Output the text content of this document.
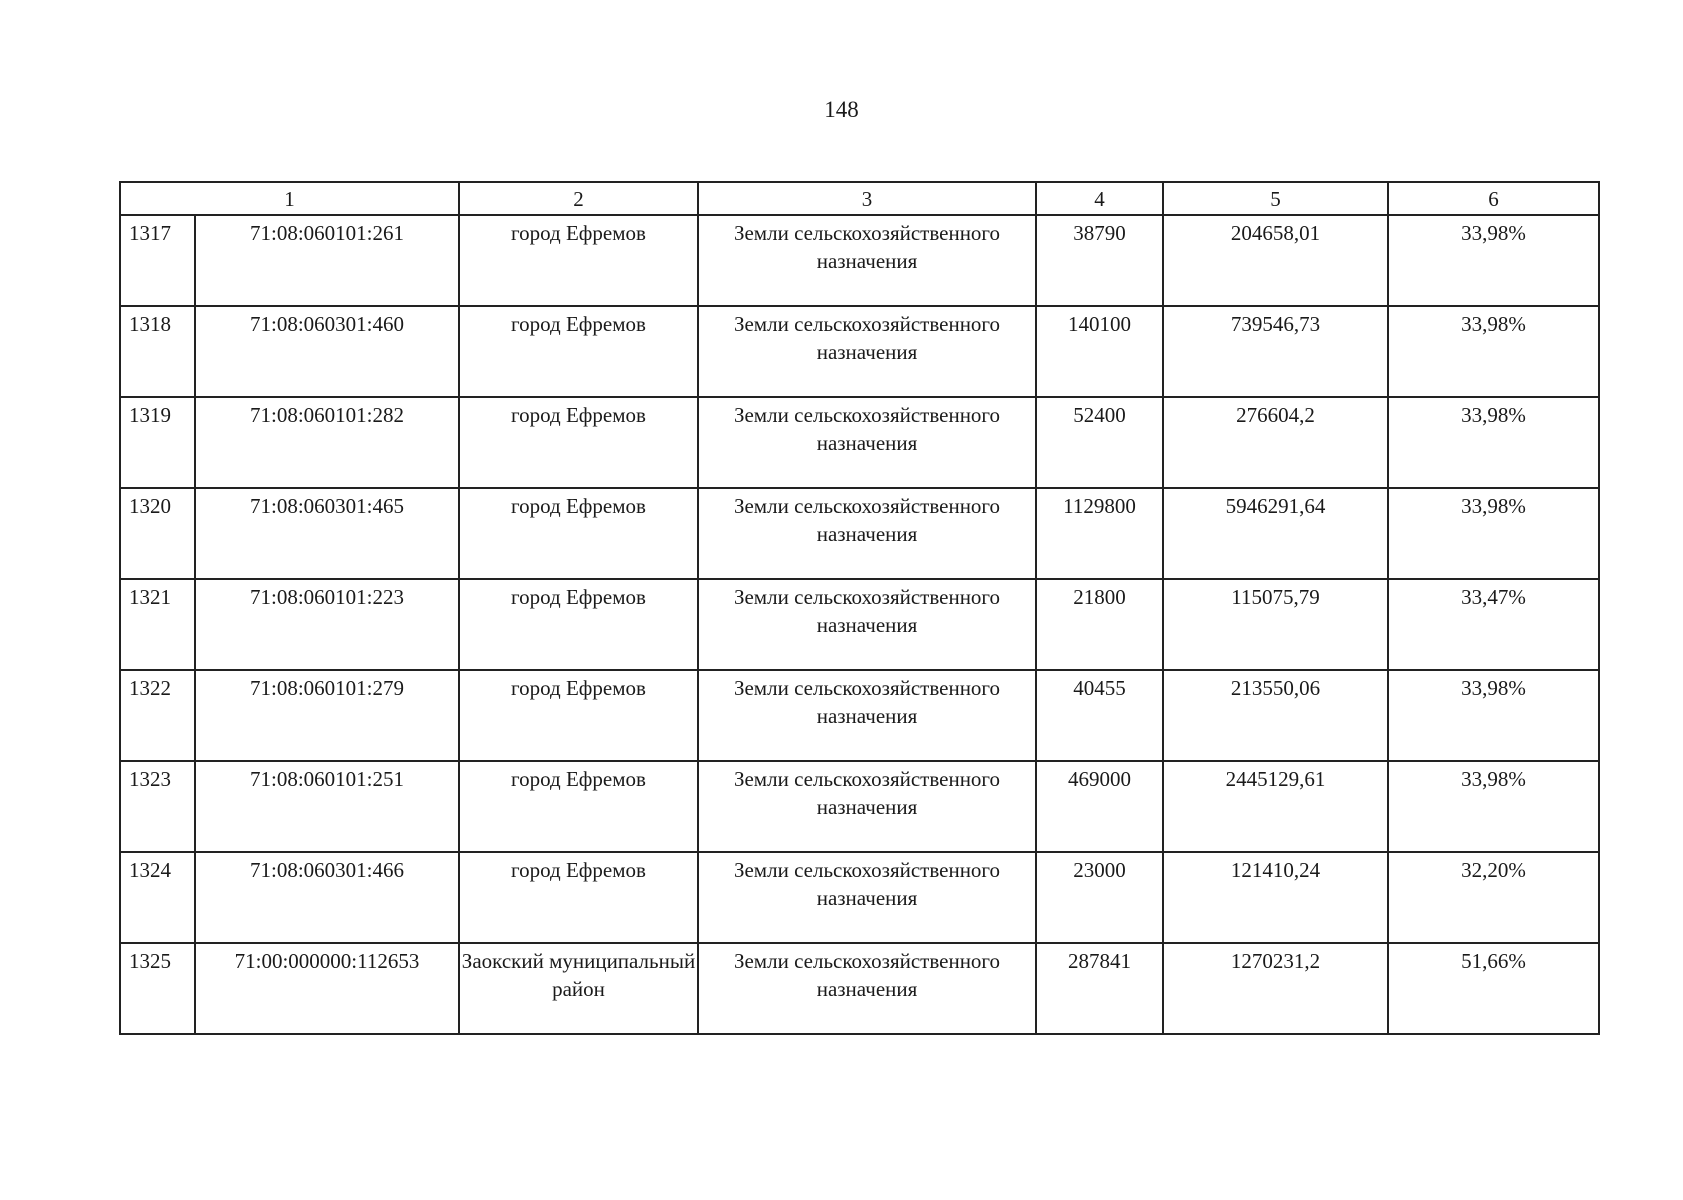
148
1		2	3	4	5	6
1317	71:08:060101:261	город Ефремов	Земли сельскохозяйственного назначения	38790	204658,01	33,98%
1318	71:08:060301:460	город Ефремов	Земли сельскохозяйственного назначения	140100	739546,73	33,98%
1319	71:08:060101:282	город Ефремов	Земли сельскохозяйственного назначения	52400	276604,2	33,98%
1320	71:08:060301:465	город Ефремов	Земли сельскохозяйственного назначения	1129800	5946291,64	33,98%
1321	71:08:060101:223	город Ефремов	Земли сельскохозяйственного назначения	21800	115075,79	33,47%
1322	71:08:060101:279	город Ефремов	Земли сельскохозяйственного назначения	40455	213550,06	33,98%
1323	71:08:060101:251	город Ефремов	Земли сельскохозяйственного назначения	469000	2445129,61	33,98%
1324	71:08:060301:466	город Ефремов	Земли сельскохозяйственного назначения	23000	121410,24	32,20%
1325	71:00:000000:112653	Заокский муниципальный район	Земли сельскохозяйственного назначения	287841	1270231,2	51,66%
